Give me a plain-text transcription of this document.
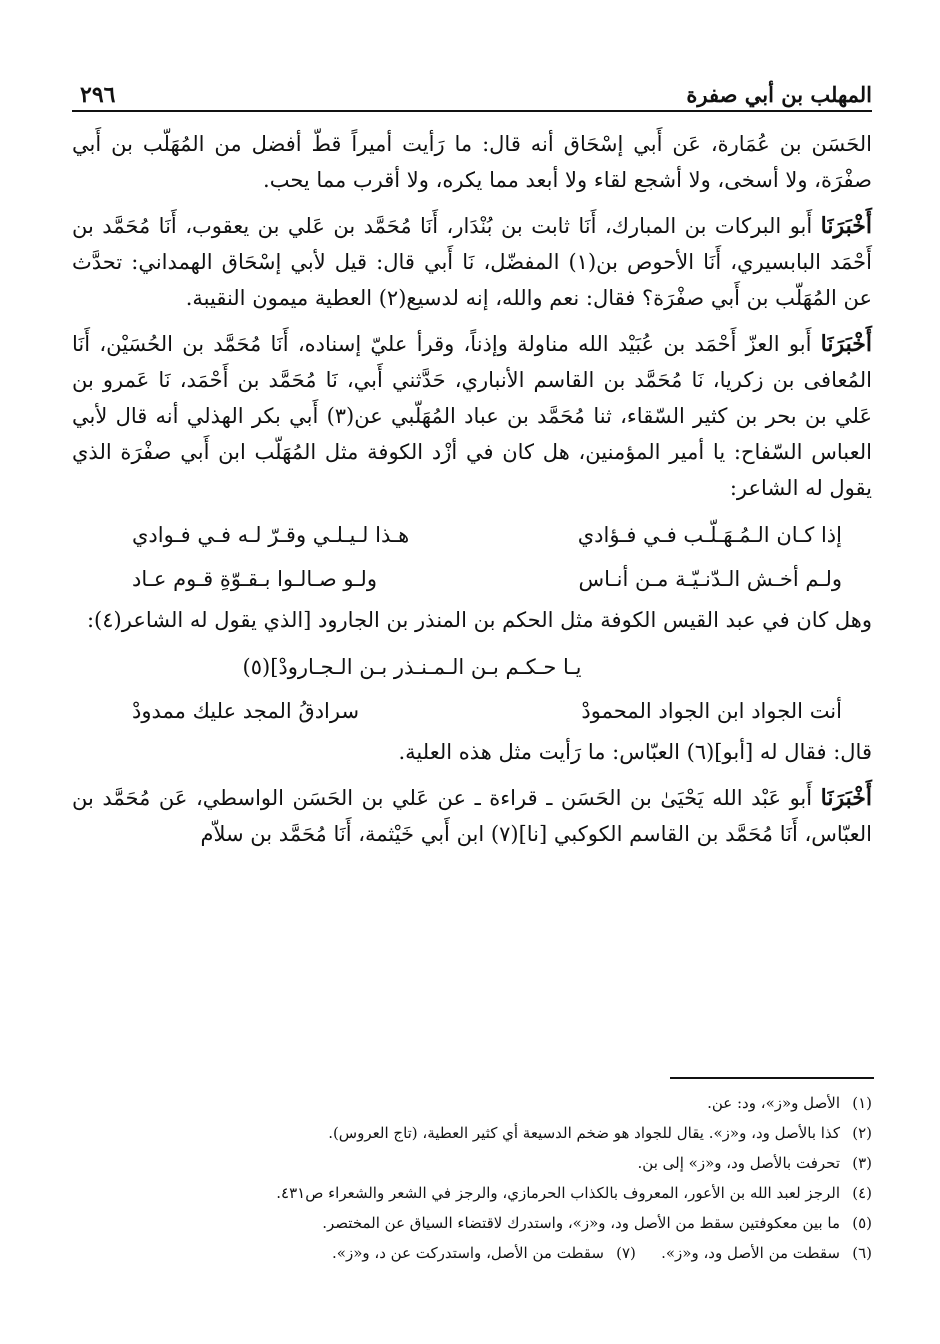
المهلب بن أبي صفرة
٢٩٦

الحَسَن بن عُمَارة، عَن أَبي إسْحَاق أنه قال: ما رَأيت أميراً قطّ أفضل من المُهَلّب بن أَبي صفْرَة، ولا أسخى، ولا أشجع لقاء ولا أبعد مما يكره، ولا أقرب مما يحب.

أَخْبَرَنَا أَبو البركات بن المبارك، أَنَا ثابت بن بُنْدَار، أَنَا مُحَمَّد بن عَلي بن يعقوب، أَنَا مُحَمَّد بن أَحْمَد البابسيري، أَنَا الأحوص بن(١) المفضّل، نَا أَبي قال: قيل لأبي إسْحَاق الهمداني: تحدَّث عن المُهَلّب بن أَبي صفْرَة؟ فقال: نعم والله، إنه لدسيع(٢) العطية ميمون النقيبة.

أَخْبَرَنَا أَبو العزّ أَحْمَد بن عُبَيْد الله مناولة وإذناً، وقرأ عليّ إسناده، أَنَا مُحَمَّد بن الحُسَيْن، أَنَا المُعافى بن زكريا، نَا مُحَمَّد بن القاسم الأنباري، حَدَّثني أَبي، نَا مُحَمَّد بن أَحْمَد، نَا عَمرو بن عَلي بن بحر بن كثير السّقاء، ثنا مُحَمَّد بن عباد المُهَلّبي عن(٣) أَبي بكر الهذلي أنه قال لأبي العباس السّفاح: يا أمير المؤمنين، هل كان في أزْد الكوفة مثل المُهَلّب ابن أَبي صفْرَة الذي يقول له الشاعر:

إذا كـان الـمُـهَـلّـب فـي فـؤادي
هـذا لـيـلـي وقـرّ لـه فـي فـوادي
ولـم أخـش الـدّنـيّـة مـن أنـاس
ولـو صـالـوا بـقـوّةِ قـوم عـاد

وهل كان في عبد القيس الكوفة مثل الحكم بن المنذر بن الجارود [الذي يقول له الشاعر(٤):

يـا حـكـم بـن الـمـنـذر بـن الـجـارودْ](٥)
أنت الجواد ابن الجواد المحمودْ
سرادقُ المجد عليك ممدودْ

قال: فقال له [أبو](٦) العبّاس: ما رَأيت مثل هذه العلية.

أَخْبَرَنَا أَبو عَبْد الله يَحْيَىٰ بن الحَسَن ـ قراءة ـ عن عَلي بن الحَسَن الواسطي، عَن مُحَمَّد بن العبّاس، أَنَا مُحَمَّد بن القاسم الكوكبي [نا](٧) ابن أَبي خَيْثمة، أَنَا مُحَمَّد بن سلاّم

(١)
الأصل و«ز»، ود: عن.
(٢)
كذا بالأصل ود، و«ز». يقال للجواد هو ضخم الدسيعة أي كثير العطية، (تاج العروس).
(٣)
تحرفت بالأصل ود، و«ز» إلى بن.
(٤)
الرجز لعبد الله بن الأعور، المعروف بالكذاب الحرمازي، والرجز في الشعر والشعراء ص٤٣١.
(٥)
ما بين معكوفتين سقط من الأصل ود، و«ز»، واستدرك لاقتضاء السياق عن المختصر.
(٦)
سقطت من الأصل ود، و«ز».
(٧)
سقطت من الأصل، واستدركت عن د، و«ز».
